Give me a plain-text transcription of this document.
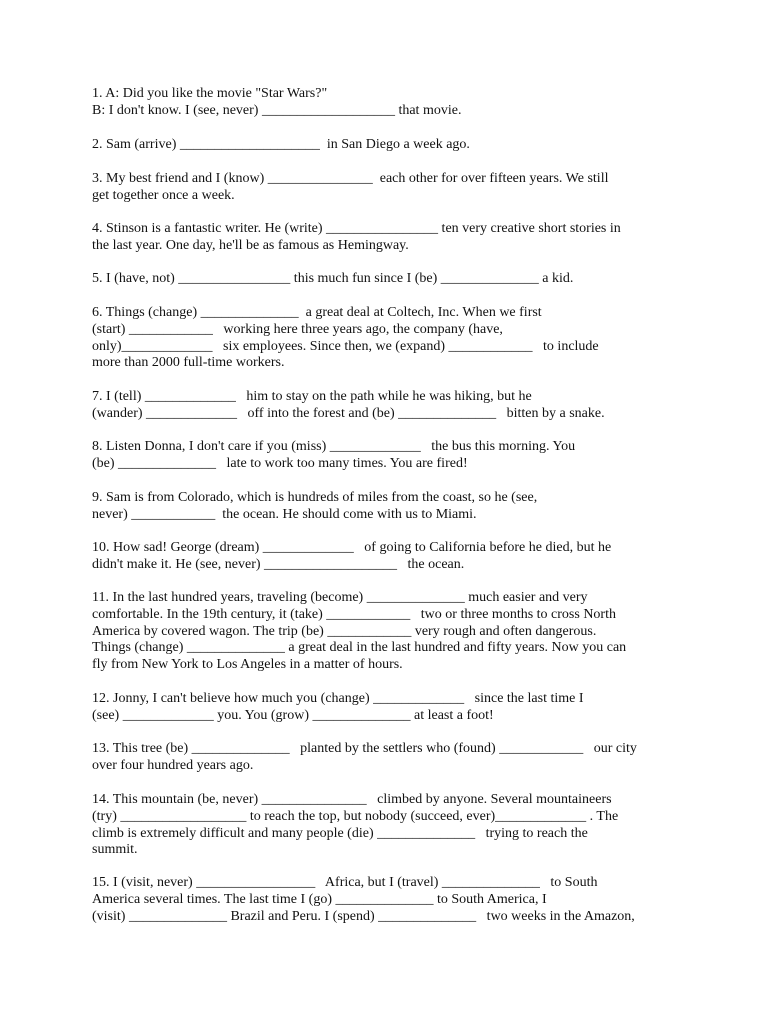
1. A: Did you like the movie "Star Wars?"
B: I don't know. I (see, never) ___________________ that movie.
2. Sam (arrive) ____________________  in San Diego a week ago.
3. My best friend and I (know) _______________  each other for over fifteen years. We still
get together once a week.
4. Stinson is a fantastic writer. He (write) ________________ ten very creative short stories in
the last year. One day, he'll be as famous as Hemingway.
5. I (have, not) ________________ this much fun since I (be) ______________ a kid.
6. Things (change) ______________  a great deal at Coltech, Inc. When we first
(start) ____________   working here three years ago, the company (have,
only)_____________   six employees. Since then, we (expand) ____________   to include
more than 2000 full-time workers.
7. I (tell) _____________   him to stay on the path while he was hiking, but he
(wander) _____________   off into the forest and (be) ______________   bitten by a snake.
8. Listen Donna, I don't care if you (miss) _____________   the bus this morning. You
(be) ______________   late to work too many times. You are fired!
9. Sam is from Colorado, which is hundreds of miles from the coast, so he (see,
never) ____________  the ocean. He should come with us to Miami.
10. How sad! George (dream) _____________   of going to California before he died, but he
didn't make it. He (see, never) ___________________   the ocean.
11. In the last hundred years, traveling (become) ______________ much easier and very
comfortable. In the 19th century, it (take) ____________   two or three months to cross North
America by covered wagon. The trip (be) ____________ very rough and often dangerous.
Things (change) ______________ a great deal in the last hundred and fifty years. Now you can
fly from New York to Los Angeles in a matter of hours.
12. Jonny, I can't believe how much you (change) _____________   since the last time I
(see) _____________ you. You (grow) ______________ at least a foot!
13. This tree (be) ______________   planted by the settlers who (found) ____________   our city
over four hundred years ago.
14. This mountain (be, never) _______________   climbed by anyone. Several mountaineers
(try) __________________ to reach the top, but nobody (succeed, ever)_____________ . The
climb is extremely difficult and many people (die) ______________   trying to reach the
summit.
15. I (visit, never) _________________   Africa, but I (travel) ______________   to South
America several times. The last time I (go) ______________ to South America, I
(visit) ______________ Brazil and Peru. I (spend) ______________   two weeks in the Amazon,
